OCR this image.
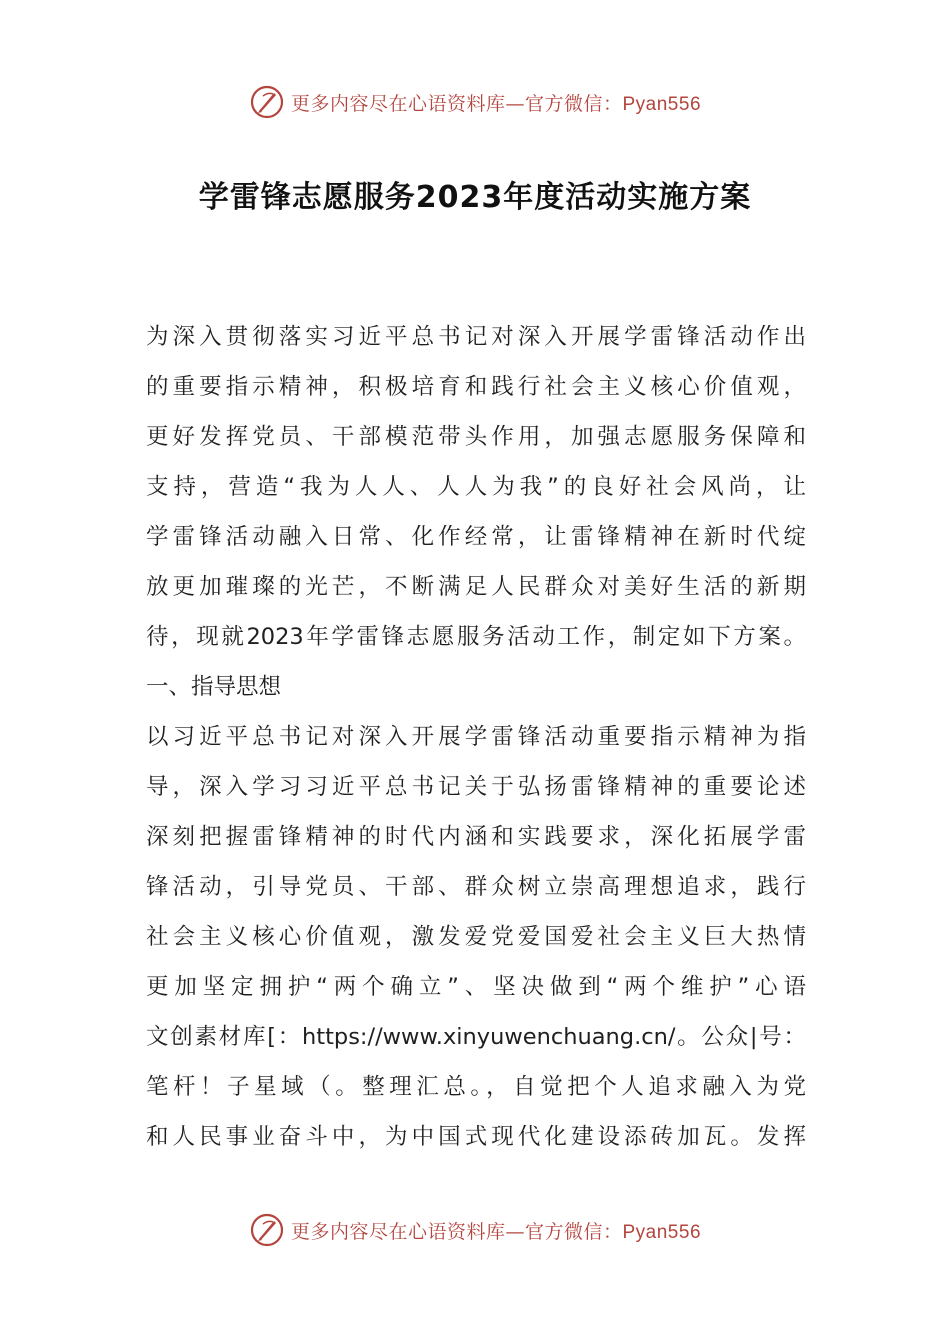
更多内容尽在心语资料库—官方微信：Pyan556
学雷锋志愿服务2023年度活动实施方案
为深入贯彻落实习近平总书记对深入开展学雷锋活动作出
的重要指示精神，积极培育和践行社会主义核心价值观，
更好发挥党员、干部模范带头作用，加强志愿服务保障和
支持，营造“我为人人、人人为我”的良好社会风尚，让
学雷锋活动融入日常、化作经常，让雷锋精神在新时代绽
放更加璀璨的光芒，不断满足人民群众对美好生活的新期
待，现就2023年学雷锋志愿服务活动工作，制定如下方案。
一、指导思想
以习近平总书记对深入开展学雷锋活动重要指示精神为指
导，深入学习习近平总书记关于弘扬雷锋精神的重要论述
深刻把握雷锋精神的时代内涵和实践要求，深化拓展学雷
锋活动，引导党员、干部、群众树立崇高理想追求，践行
社会主义核心价值观，激发爱党爱国爱社会主义巨大热情
更加坚定拥护“两个确立”、坚决做到“两个维护”心语
文创素材库[：https://www.xinyuwenchuang.cn/。公众|号：
笔杆！子星域（。整理汇总。，自觉把个人追求融入为党
和人民事业奋斗中，为中国式现代化建设添砖加瓦。发挥
更多内容尽在心语资料库—官方微信：Pyan556
